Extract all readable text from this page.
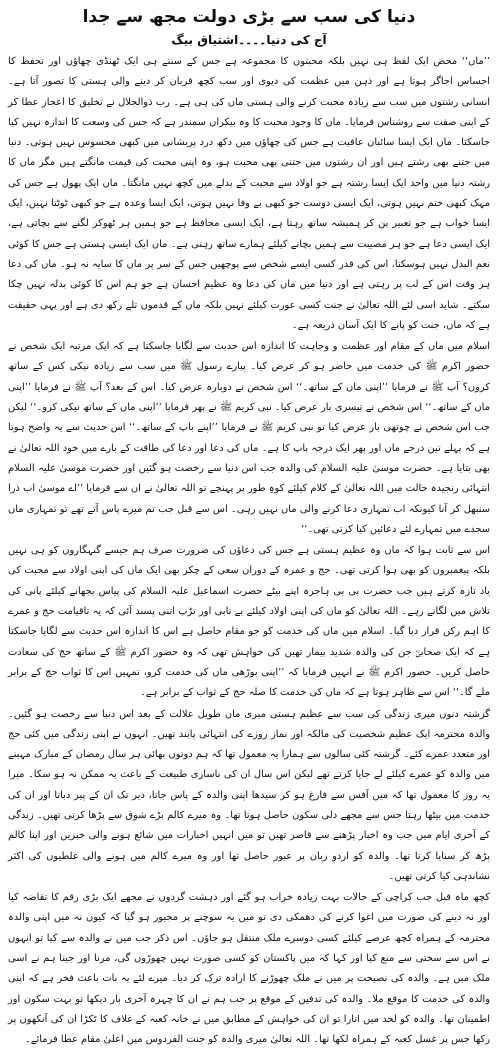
دنیا کی سب سے بڑی دولت مجھ سے جدا
آج کی دنیا۔۔۔۔اشتیاق بیگ

’’ماں‘‘ محض ایک لفظ ہی نہیں بلکہ محبتوں کا مجموعہ ہے جس کے سنتے ہی ایک ٹھنڈی چھاؤں اور تحفظ کا احساس اجاگر ہوتا ہے اور ذہن میں عظمت کی دیوی اور سب کچھ قربان کر دینے والی ہستی کا تصور آتا ہے۔ انسانی رشتوں میں سب سے زیادہ محبت کرنے والی ہستی ماں کی ہی ہے۔ رب ذوالجلال نے تخلیق کا اعجاز عطا کر کے اپنی صفت سے روشناس فرمایا۔ ماں کا وجود محبت کا وہ بیکراں سمندر ہے کہ جس کی وسعت کا اندازہ نہیں کیا جاسکتا۔ ماں ایک ایسا سائبان عافیت ہے جس کی چھاؤں میں دکھ درد پریشانی میں کبھی محسوس نہیں ہوتی۔ دنیا میں جتنے بھی رشتے ہیں اور ان رشتوں میں جتنی بھی محبت ہو، وہ اپنی محبت کی قیمت مانگتے ہیں مگر ماں کا رشتہ دنیا میں واحد ایک ایسا رشتہ ہے جو اولاد سے محبت کے بدلے میں کچھ نہیں مانگتا۔ ماں ایک پھول ہے جس کی مہک کبھی ختم نہیں ہوتی، ایک ایسی دوست جو کبھی بے وفا نہیں ہوتی، ایک ایسا وعدہ ہے جو کبھی ٹوٹتا نہیں، ایک ایسا خواب ہے جو تعبیر بن کر ہمیشہ ساتھ رہتا ہے، ایک ایسی محافظ ہے جو ہمیں ہر ٹھوکر لگنے سے بچاتی ہے، ایک ایسی دعا ہے جو ہر مصیبت سے ہمیں بچانے کیلئے ہمارے ساتھ رہتی ہے۔ ماں ایک ایسی ہستی ہے جس کا کوئی نعم البدل نہیں ہوسکتا، اس کی قدر کسی ایسے شخص سے پوچھیں جس کے سر پر ماں کا سایہ نہ ہو۔ ماں کی دعا ہر وقت اس کے لب پر رہتی ہے اور دنیا میں ماں کی دعا وہ عظیم احسان ہے جو ہم اس کا کوئی بدلہ نہیں چکا سکتے۔ شاید اسی لئے اللہ تعالیٰ نے جنت کسی عورت کیلئے نہیں بلکہ ماں کے قدموں تلے رکھ دی ہے اور یہی حقیقت ہے کہ ماں، جنت کو پانے کا ایک آسان ذریعہ ہے۔

اسلام میں ماں کے مقام اور عظمت و وجاہت کا اندازہ اس حدیث سے لگایا جاسکتا ہے کہ ایک مرتبہ ایک شخص نے حضور اکرم ﷺ کی خدمت میں حاضر ہو کر عرض کیا۔ پیارے رسول ﷺ میں سب سے زیادہ نیکی کس کے ساتھ کروں؟ آپ ﷺ نے فرمایا ’’اپنی ماں کے ساتھ۔‘‘ اس شخص نے دوبارہ عرض کیا۔ اس کے بعد؟ آپ ﷺ نے فرمایا ’’اپنی ماں کے ساتھ۔‘‘ اس شخص نے تیسری بار عرض کیا۔ نبی کریم ﷺ نے پھر فرمایا ’’اپنی ماں کے ساتھ نیکی کرو۔‘‘ لیکن جب اس شخص نے چوتھی بار عرض کیا تو نبی کریم ﷺ نے فرمایا ’’اپنے باپ کے ساتھ۔‘‘ اس حدیث سے یہ واضح ہوتا ہے کہ پہلے تین درجے ماں اور پھر ایک درجہ باپ کا ہے۔ ماں کی دعا اور دعا کی طاقت کے بارے میں خود اللہ تعالیٰ نے بھی بتایا ہے۔ حضرت موسیٰ علیہ السلام کی والدہ جب اس دنیا سے رخصت ہو گئیں اور حضرت موسیٰ علیہ السلام انتہائی رنجیدہ حالت میں اللہ تعالیٰ کے کلام کیلئے کوہِ طور پر پہنچے تو اللہ تعالیٰ نے ان سے فرمایا ’’اے موسیٰ اب ذرا سنبھل کر آنا کیونکہ اب تمہاری دعا کرنے والی ماں نہیں رہی۔ اس سے قبل جب تم میرے پاس آتے تھے تو تمہاری ماں سجدے میں تمہارے لئے دعائیں کیا کرتی تھی۔‘‘

اس سے ثابت ہوا کہ ماں وہ عظیم ہستی ہے جس کی دعاؤں کی ضرورت صرف ہم جیسے گنہگاروں کو ہی نہیں بلکہ پیغمبروں کو بھی ہوا کرتی تھی۔ حج و عمرہ کے دوران سعی کے چکر بھی ایک ماں کی اپنی اولاد سے محبت کی یاد تازہ کرتے ہیں جب حضرت بی بی ہاجرہ اپنے بیٹے حضرت اسماعیل علیہ السلام کی پیاس بجھانے کیلئے پانی کی تلاش میں لگاتے رہے۔ اللہ تعالیٰ کو ماں کی اپنی اولاد کیلئے بے تابی اور تڑپ اتنی پسند آئی کہ یہ تاقیامت حج و عمرے کا اہم رکن قرار دیا گیا۔ اسلام میں ماں کی خدمت کو جو مقام حاصل ہے اس کا اندازہ اس حدیث سے لگایا جاسکتا ہے کہ ایک صحابیؓ جن کی والدہ شدید بیمار تھیں کی خواہش تھی کہ وہ حضور اکرم ﷺ کے ساتھ حج کی سعادت حاصل کریں۔ حضور اکرم ﷺ نے انہیں فرمایا کہ ’’اپنی بوڑھی ماں کی خدمت کرو، تمہیں اس کا ثواب حج کے برابر ملے گا۔‘‘ اس سے ظاہر ہوتا ہے کہ ماں کی خدمت کا صلہ حج کے ثواب کے برابر ہے۔

گزشتہ دنوں میری زندگی کی سب سے عظیم ہستی میری ماں طویل علالت کے بعد اس دنیا سے رخصت ہو گئیں۔ والدہ محترمہ ایک عظیم شخصیت کی مالکہ اور نماز روزے کی انتہائی پابند تھیں۔ انہوں نے اپنی زندگی میں کئی حج اور متعدد عمرے کئے۔ گزشتہ کئی سالوں سے ہمارا یہ معمول تھا کہ ہم دونوں بھائی ہر سال رمضان کے مبارک مہینے میں والدہ کو عمرے کیلئے لے جایا کرتے تھے لیکن اس سال ان کی ناسازی طبیعت کے باعث یہ ممکن نہ ہو سکا۔ میرا یہ روز کا معمول تھا کہ میں آفس سے فارغ ہو کر سیدھا اپنی والدہ کے پاس جاتا، دیر تک ان کے پیر دباتا اور ان کی خدمت میں بیٹھا رہتا جس سے مجھے دلی سکون حاصل ہوتا تھا۔ وہ میرے کالم بڑے شوق سے پڑھا کرتی تھیں۔ زندگی کے آخری ایام میں جب وہ اخبار پڑھنے سے قاصر تھیں تو میں انہیں اخبارات میں شائع ہونے والی خبریں اور اپنا کالم پڑھ کر سنایا کرتا تھا۔ والدہ کو اردو زبان پر عبور حاصل تھا اور وہ میرے کالم میں ہونے والی غلطیوں کی اکثر نشاندہی کیا کرتی تھیں۔

کچھ ماہ قبل جب کراچی کے حالات بہت زیادہ خراب ہو گئے اور دہشت گردوں نے مجھے ایک بڑی رقم کا تقاضہ کیا اور نہ دینے کی صورت میں اغوا کرنے کی دھمکی دی تو میں یہ سوچنے پر مجبور ہو گیا کہ کیوں نہ میں اپنی والدہ محترمہ کے ہمراہ کچھ عرصے کیلئے کسی دوسرے ملک منتقل ہو جاؤں۔ اس ذکر جب میں نے والدہ سے کیا تو انہوں نے اس سے سختی سے منع کیا اور کہا کہ میں پاکستان کو کسی صورت نہیں چھوڑوں گی، مرنا اور جینا ہم نے اسی ملک میں ہے۔ والدہ کی نصیحت پر میں نے ملک چھوڑنے کا ارادہ ترک کر دیا۔ میرے لئے یہ بات باعث فخر ہے کہ اپنی والدہ کی خدمت کا موقع ملا۔ والدہ کی تدفین کے موقع پر جب ہم نے ان کا چہرہ آخری بار دیکھا تو بہت سکون اور اطمینان تھا۔ والدہ کو لحد میں اتارا تو ان کی خواہش کے مطابق میں نے خانہ کعبہ کے غلاف کا ٹکڑا ان کی آنکھوں پر رکھا جس پر غسل کعبہ کے ہمراہ لکھا تھا۔ اللہ تعالیٰ میری والدہ کو جنت الفردوس میں اعلیٰ مقام عطا فرمائے۔
